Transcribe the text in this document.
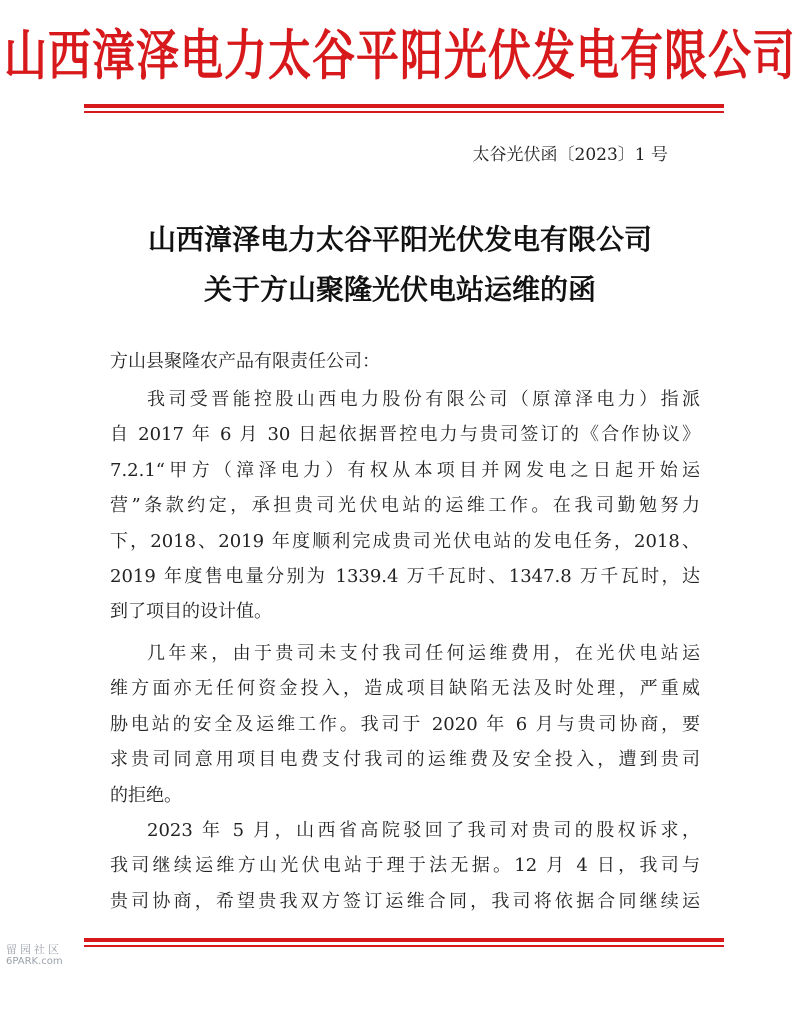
山西漳泽电力太谷平阳光伏发电有限公司
太谷光伏函〔2023〕1 号
山西漳泽电力太谷平阳光伏发电有限公司
关于方山聚隆光伏电站运维的函
方山县聚隆农产品有限责任公司：
我司受晋能控股山西电力股份有限公司（原漳泽电力）指派
自 2017 年 6 月 30 日起依据晋控电力与贵司签订的《合作协议》
7.2.1“甲方（漳泽电力）有权从本项目并网发电之日起开始运
营”条款约定，承担贵司光伏电站的运维工作。在我司勤勉努力
下，2018、2019 年度顺利完成贵司光伏电站的发电任务，2018、
2019 年度售电量分别为 1339.4 万千瓦时、1347.8 万千瓦时，达
到了项目的设计值。
几年来，由于贵司未支付我司任何运维费用，在光伏电站运
维方面亦无任何资金投入，造成项目缺陷无法及时处理，严重威
胁电站的安全及运维工作。我司于 2020 年 6 月与贵司协商，要
求贵司同意用项目电费支付我司的运维费及安全投入，遭到贵司
的拒绝。
2023 年 5 月，山西省高院驳回了我司对贵司的股权诉求，
我司继续运维方山光伏电站于理于法无据。12 月 4 日，我司与
贵司协商，希望贵我双方签订运维合同，我司将依据合同继续运
留园社区
6PARK.com
